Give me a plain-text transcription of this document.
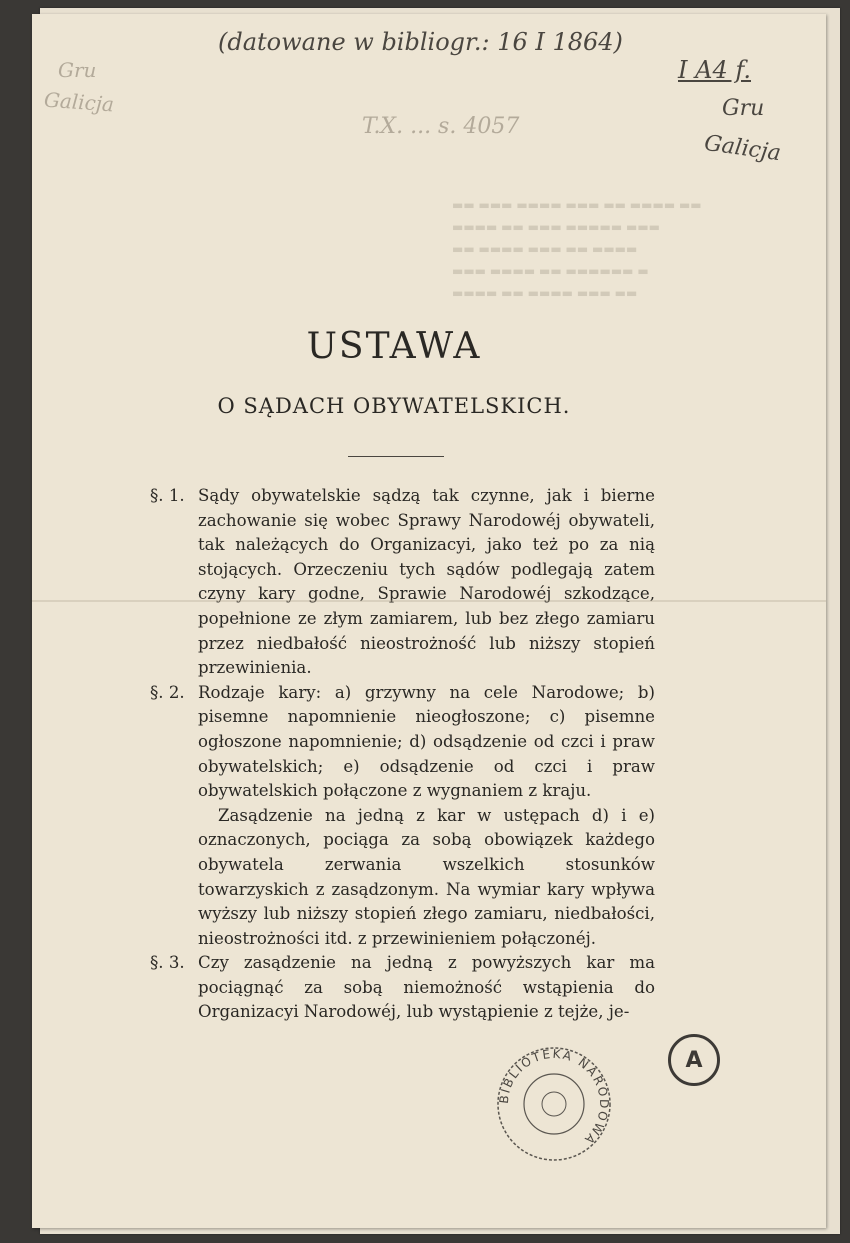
▬▬ ▬▬▬ ▬▬▬▬ ▬▬▬ ▬▬ ▬▬▬▬ ▬▬
▬▬▬▬ ▬▬ ▬▬▬ ▬▬▬▬▬ ▬▬▬
▬▬ ▬▬▬▬ ▬▬▬ ▬▬ ▬▬▬▬
▬▬▬ ▬▬▬▬ ▬▬ ▬▬▬▬▬▬ ▬
▬▬▬▬ ▬▬ ▬▬▬▬ ▬▬▬ ▬▬
(datowane w bibliogr.: 16 I 1864)
I A4 f.
Gru
Galicja
Gru
Galicja
T.X. ... s. 4057
USTAWA
O SĄDACH OBYWATELSKICH.
§. 1. Sądy obywatelskie sądzą tak czynne, jak i bierne zachowanie się wobec Sprawy Narodowéj obywateli, tak należących do Organizacyi, jako też po za nią stojących. Orzeczeniu tych sądów podlegają zatem czyny kary godne, Sprawie Narodowéj szkodzące, popełnione ze złym zamiarem, lub bez złego zamiaru przez niedbałość nieostrożność lub niższy stopień przewinienia.
§. 2. Rodzaje kary: a) grzywny na cele Narodowe; b) pisemne napomnienie nieogłoszone; c) pisemne ogłoszone napomnienie; d) odsądzenie od czci i praw obywatelskich; e) odsądzenie od czci i praw obywatelskich połączone z wygnaniem z kraju.
Zasądzenie na jedną z kar w ustępach d) i e) oznaczonych, pociąga za sobą obowiązek każdego obywatela zerwania wszelkich stosunków towarzyskich z zasądzonym. Na wymiar kary wpływa wyższy lub niższy stopień złego zamiaru, niedbałości, nieostrożności itd. z przewinieniem połączonéj.
§. 3. Czy zasądzenie na jedną z powyższych kar ma pociągnąć za sobą niemożność wstąpienia do Organizacyi Narodowéj, lub wystąpienie z tejże, je-
A
BIBLIOTEKA NARODOWA
